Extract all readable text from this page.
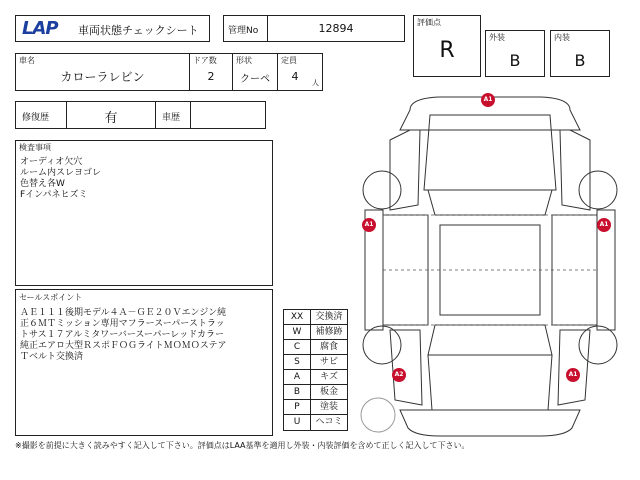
LAP 車両状態チェックシート	管理No	12894	評価点
R
外装
B
内装
B
車名
カローラレビン
ドア数
2
形状
クーペ
定員
4	人
修復歴	有	車歴
検査事項
オーディオ欠穴
ルーム内スレヨゴレ
色替え各W
Fインパネヒズミ
セールスポイント
ＡＥ１１１後期モデル４Ａ－ＧＥ２０Ｖエンジン純
正６ＭＴミッション専用マフラースーパーストラッ
トサス１７アルミタワーバースーパーレッドカラー
純正エアロ大型ＲスポＦＯＧライトＭＯＭＯステア
Ｔベルト交換済
XX	交換済
W	補修跡
C	腐食
S	サビ
A	キズ
B	板金
P	塗装
U	ヘコミ
A1
A1	A1
A2	A1
※撮影を前提に大きく読みやすく記入して下さい。評価点はLAA基準を適用し外装・内装評価を含めて正しく記入して下さい。
